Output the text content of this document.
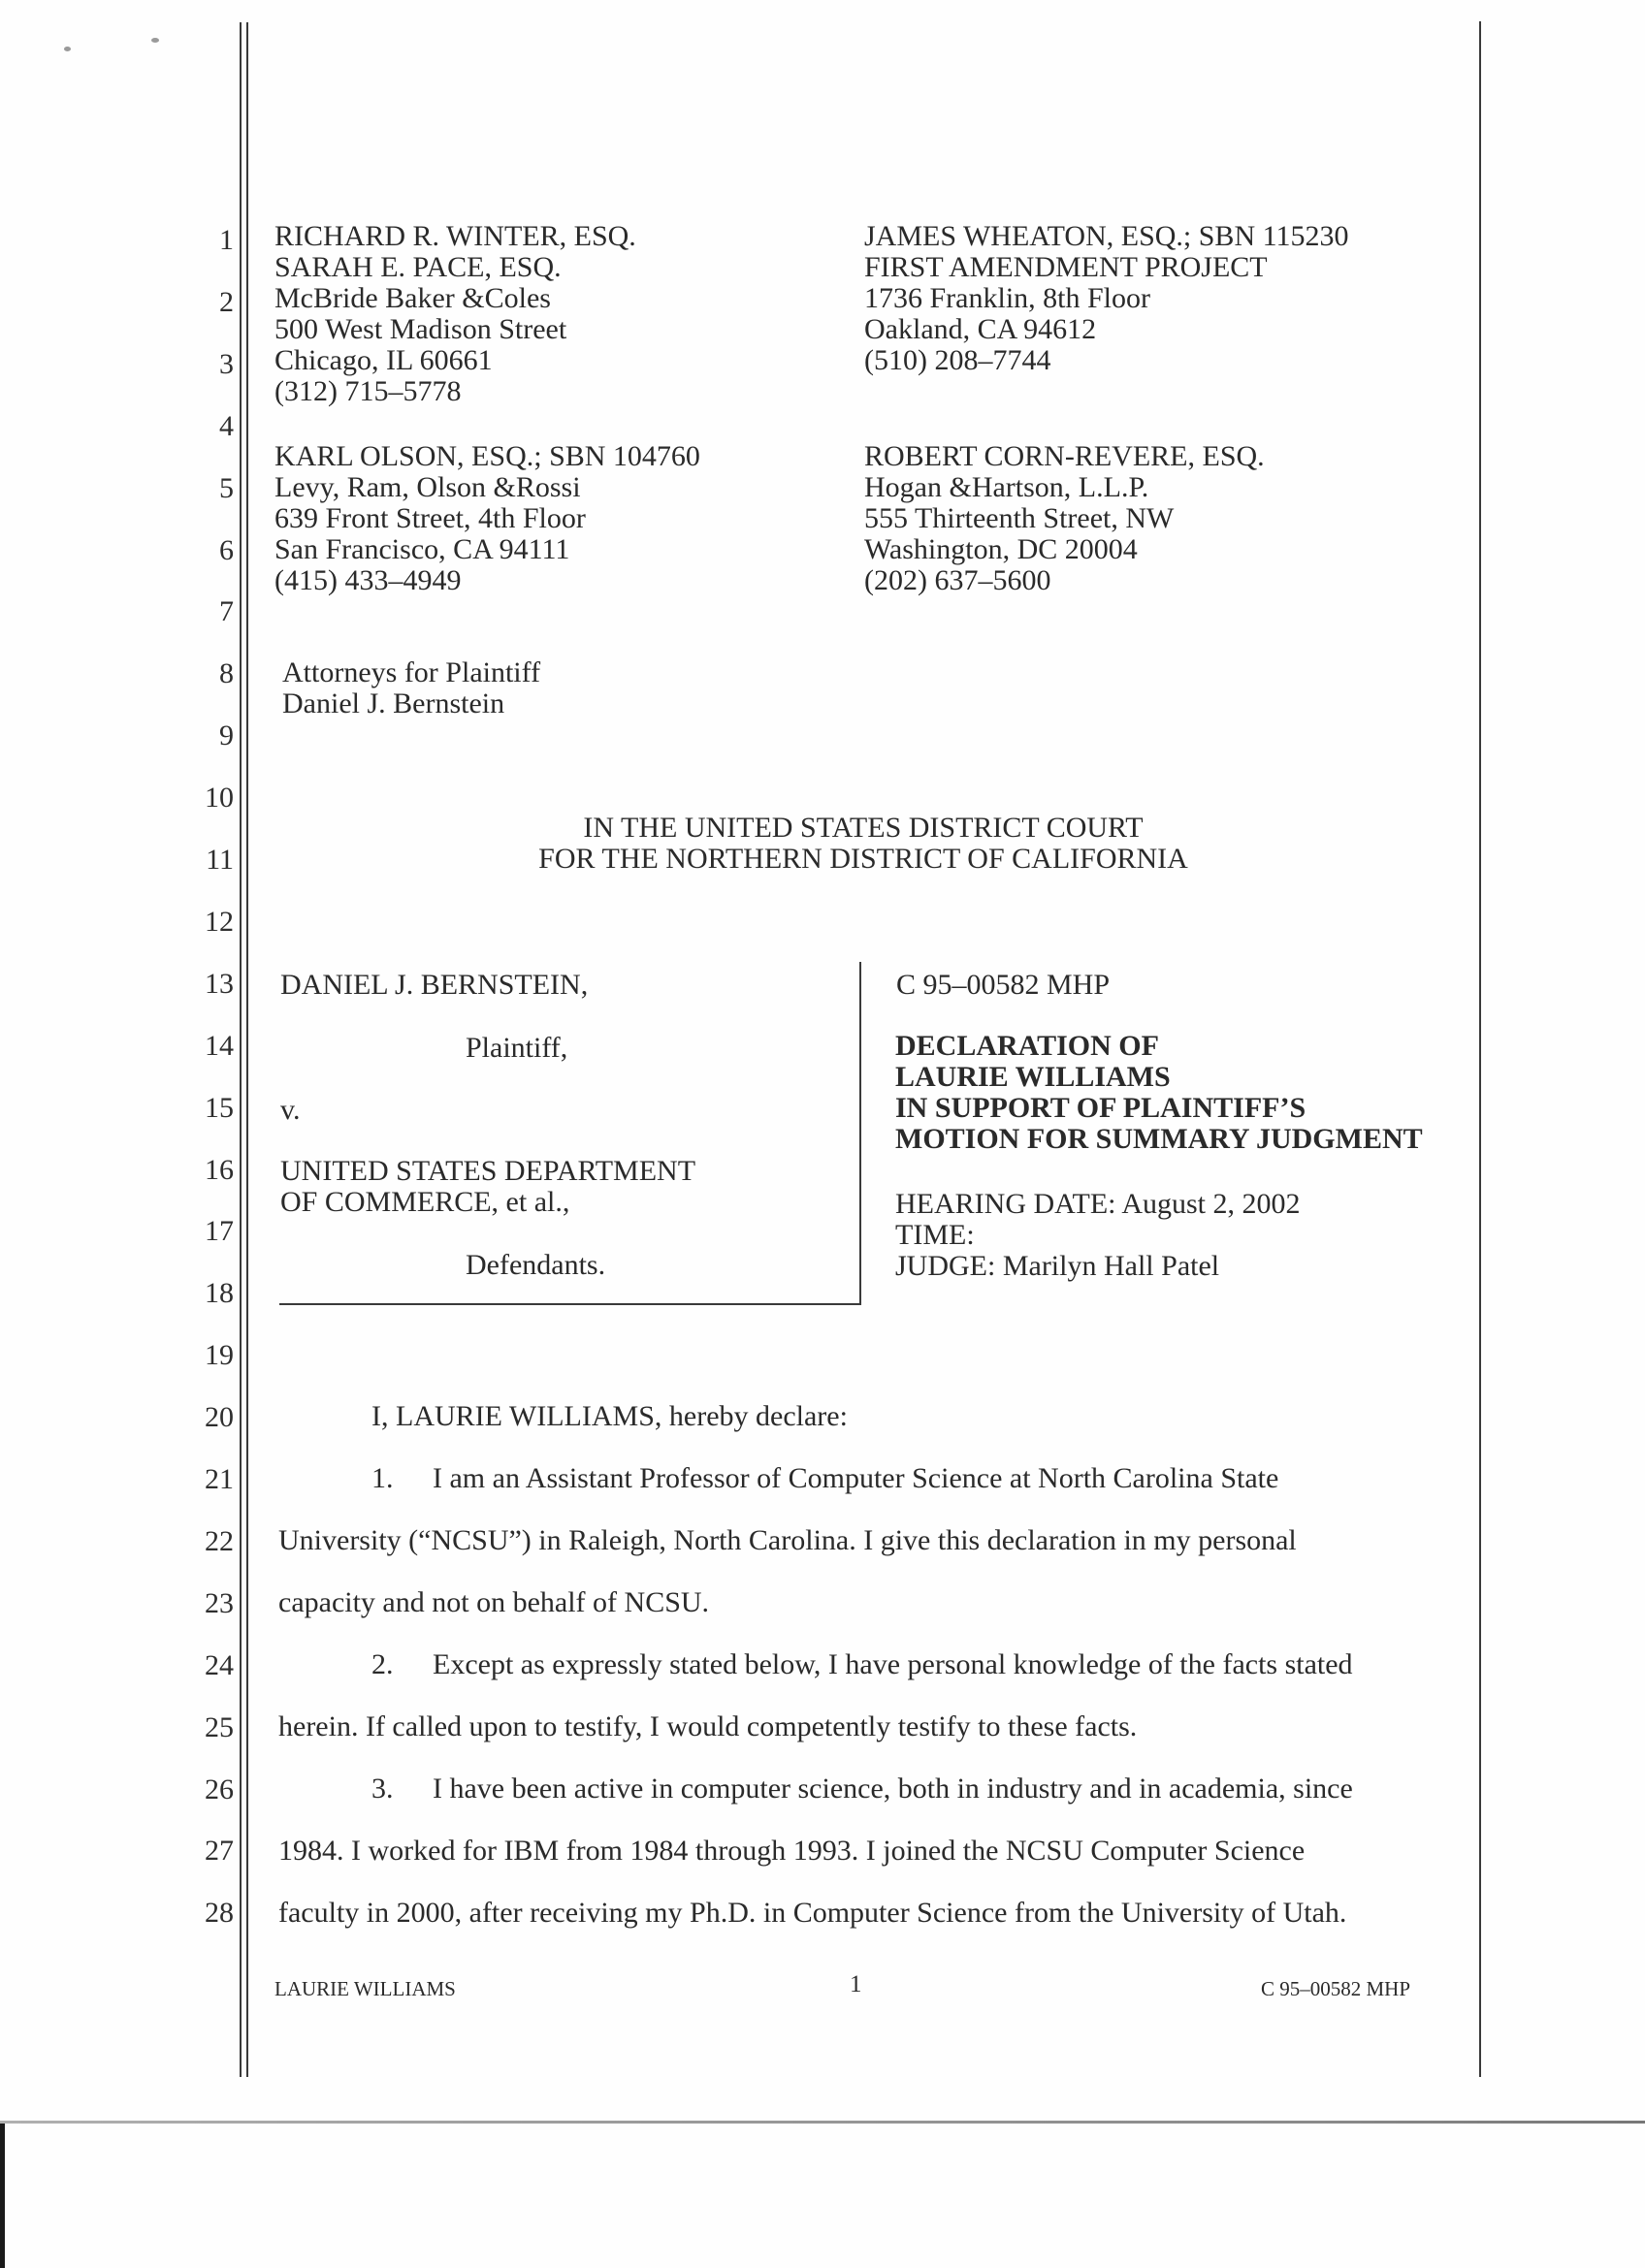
1
2
3
4
5
6
7
8
9
10
11
12
13
14
15
16
17
18
19
20
21
22
23
24
25
26
27
28
RICHARD R. WINTER, ESQ.
SARAH E. PACE, ESQ.
McBride Baker &Coles
500 West Madison Street
Chicago, IL 60661
(312) 715–5778
KARL OLSON, ESQ.; SBN 104760
Levy, Ram, Olson &Rossi
639 Front Street, 4th Floor
San Francisco, CA 94111
(415) 433–4949
JAMES WHEATON, ESQ.; SBN 115230
FIRST AMENDMENT PROJECT
1736 Franklin, 8th Floor
Oakland, CA 94612
(510) 208–7744
ROBERT CORN-REVERE, ESQ.
Hogan &Hartson, L.L.P.
555 Thirteenth Street, NW
Washington, DC 20004
(202) 637–5600
Attorneys for Plaintiff
Daniel J. Bernstein
IN THE UNITED STATES DISTRICT COURT
FOR THE NORTHERN DISTRICT OF CALIFORNIA
DANIEL J. BERNSTEIN,
Plaintiff,
v.
UNITED STATES DEPARTMENT
OF COMMERCE, et al.,
Defendants.
C 95–00582 MHP
DECLARATION OF
LAURIE WILLIAMS
IN SUPPORT OF PLAINTIFF’S
MOTION FOR SUMMARY JUDGMENT
HEARING DATE: August 2, 2002
TIME:
JUDGE: Marilyn Hall Patel
I, LAURIE WILLIAMS, hereby declare:
1. I am an Assistant Professor of Computer Science at North Carolina State
University (“NCSU”) in Raleigh, North Carolina. I give this declaration in my personal
capacity and not on behalf of NCSU.
2. Except as expressly stated below, I have personal knowledge of the facts stated
herein. If called upon to testify, I would competently testify to these facts.
3. I have been active in computer science, both in industry and in academia, since
1984. I worked for IBM from 1984 through 1993. I joined the NCSU Computer Science
faculty in 2000, after receiving my Ph.D. in Computer Science from the University of Utah.
LAURIE WILLIAMS	1	C 95–00582 MHP
